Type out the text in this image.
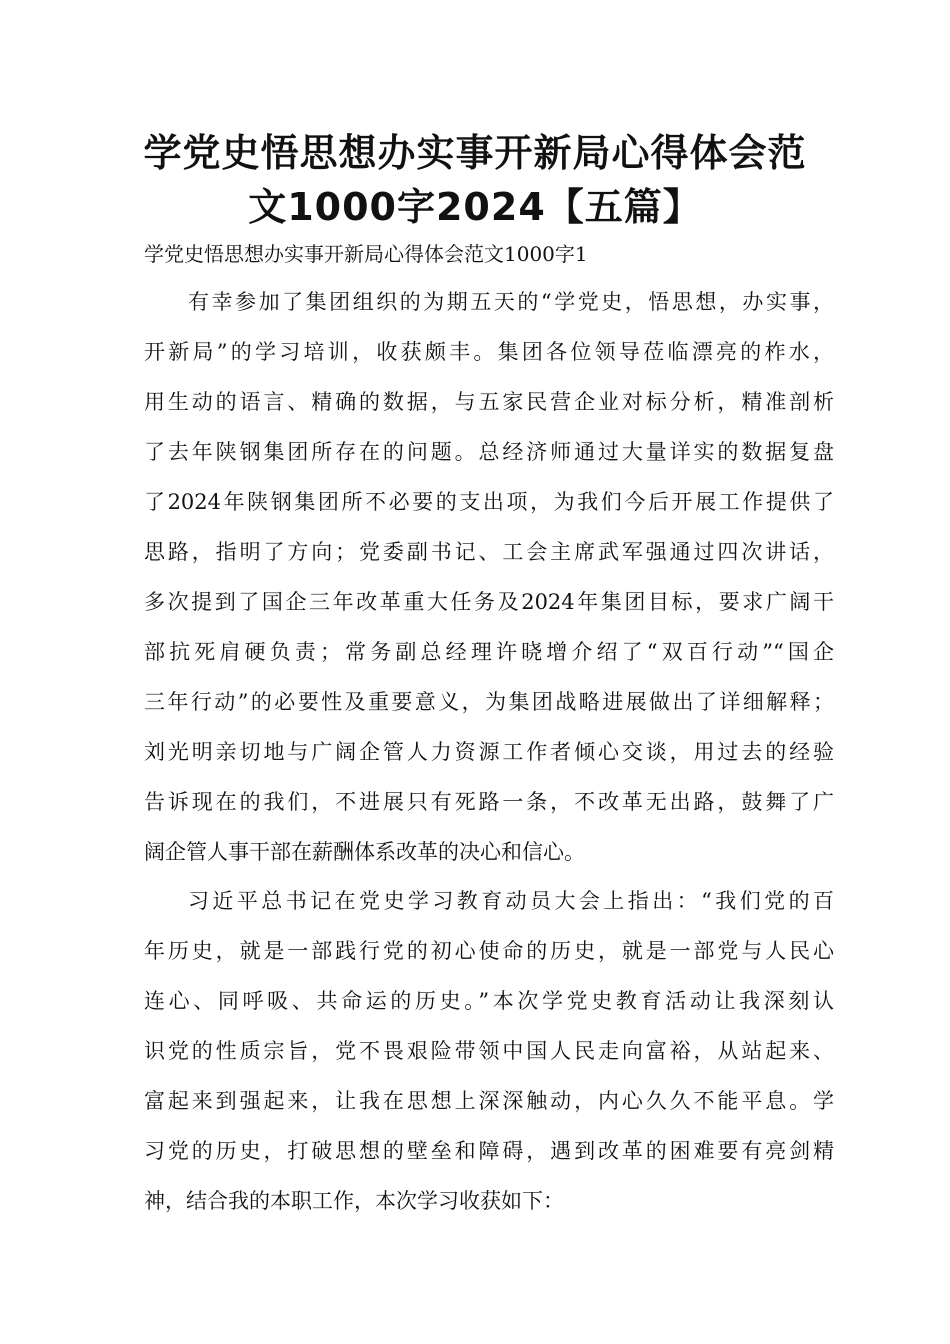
学党史悟思想办实事开新局心得体会范
文1000字2024【五篇】

学党史悟思想办实事开新局心得体会范文1000字1

有幸参加了集团组织的为期五天的“学党史，悟思想，办实事，
开新局”的学习培训，收获颇丰。集团各位领导莅临漂亮的柞水，
用生动的语言、精确的数据，与五家民营企业对标分析，精准剖析
了去年陕钢集团所存在的问题。总经济师通过大量详实的数据复盘
了2024年陕钢集团所不必要的支出项，为我们今后开展工作提供了
思路，指明了方向；党委副书记、工会主席武军强通过四次讲话，
多次提到了国企三年改革重大任务及2024年集团目标，要求广阔干
部抗死肩硬负责；常务副总经理许晓增介绍了“双百行动”“国企
三年行动”的必要性及重要意义，为集团战略进展做出了详细解释；
刘光明亲切地与广阔企管人力资源工作者倾心交谈，用过去的经验
告诉现在的我们，不进展只有死路一条，不改革无出路，鼓舞了广
阔企管人事干部在薪酬体系改革的决心和信心。

习近平总书记在党史学习教育动员大会上指出：“我们党的百
年历史，就是一部践行党的初心使命的历史，就是一部党与人民心
连心、同呼吸、共命运的历史。”本次学党史教育活动让我深刻认
识党的性质宗旨，党不畏艰险带领中国人民走向富裕，从站起来、
富起来到强起来，让我在思想上深深触动，内心久久不能平息。学
习党的历史，打破思想的壁垒和障碍，遇到改革的困难要有亮剑精
神，结合我的本职工作，本次学习收获如下：
